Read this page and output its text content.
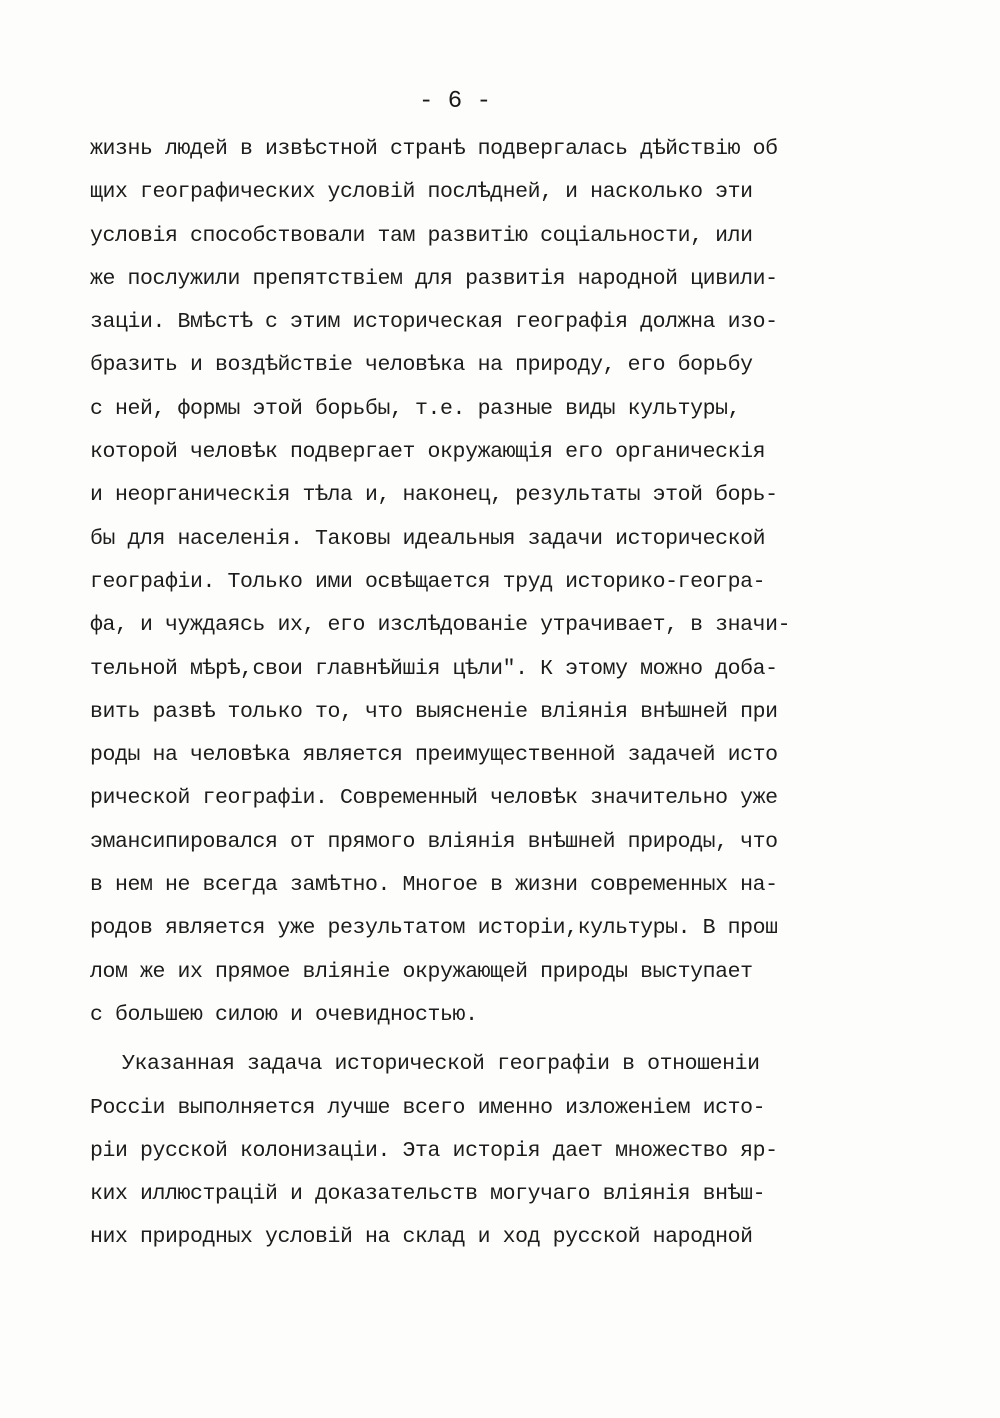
- 6 -
жизнь людей в извѣстной странѣ подвергалась дѣйствію об
щих географических условій послѣдней, и насколько эти
условія способствовали там развитію соціальности, или
же послужили препятствіем для развитія народной цивили-
заціи. Вмѣстѣ с этим историческая географія должна изо-
бразить и воздѣйствіе человѣка на природу, его борьбу
с ней, формы этой борьбы, т.е. разные виды культуры,
которой человѣк подвергает окружающія его органическія
и неорганическія тѣла и, наконец, результаты этой борь-
бы для населенія. Таковы идеальныя задачи исторической
географіи. Только ими освѣщается труд историко-геогра-
фа, и чуждаясь их, его изслѣдованіе утрачивает, в значи-
тельной мѣрѣ,свои главнѣйшія цѣли". К этому можно доба-
вить развѣ только то, что выясненіе вліянія внѣшней при
роды на человѣка является преимущественной задачей исто
рической географіи. Современный человѣк значительно уже
эмансипировался от прямого вліянія внѣшней природы, что
в нем не всегда замѣтно. Многое в жизни современных на-
родов является уже результатом исторіи,культуры. В прош
лом же их прямое вліяніе окружающей природы выступает
с большею силою и очевидностью.
Указанная задача исторической географіи в отношеніи
Россіи выполняется лучше всего именно изложеніем исто-
ріи русской колонизаціи. Эта исторія дает множество яр-
ких иллюстрацій и доказательств могучаго вліянія внѣш-
них природных условій на склад и ход русской народной
